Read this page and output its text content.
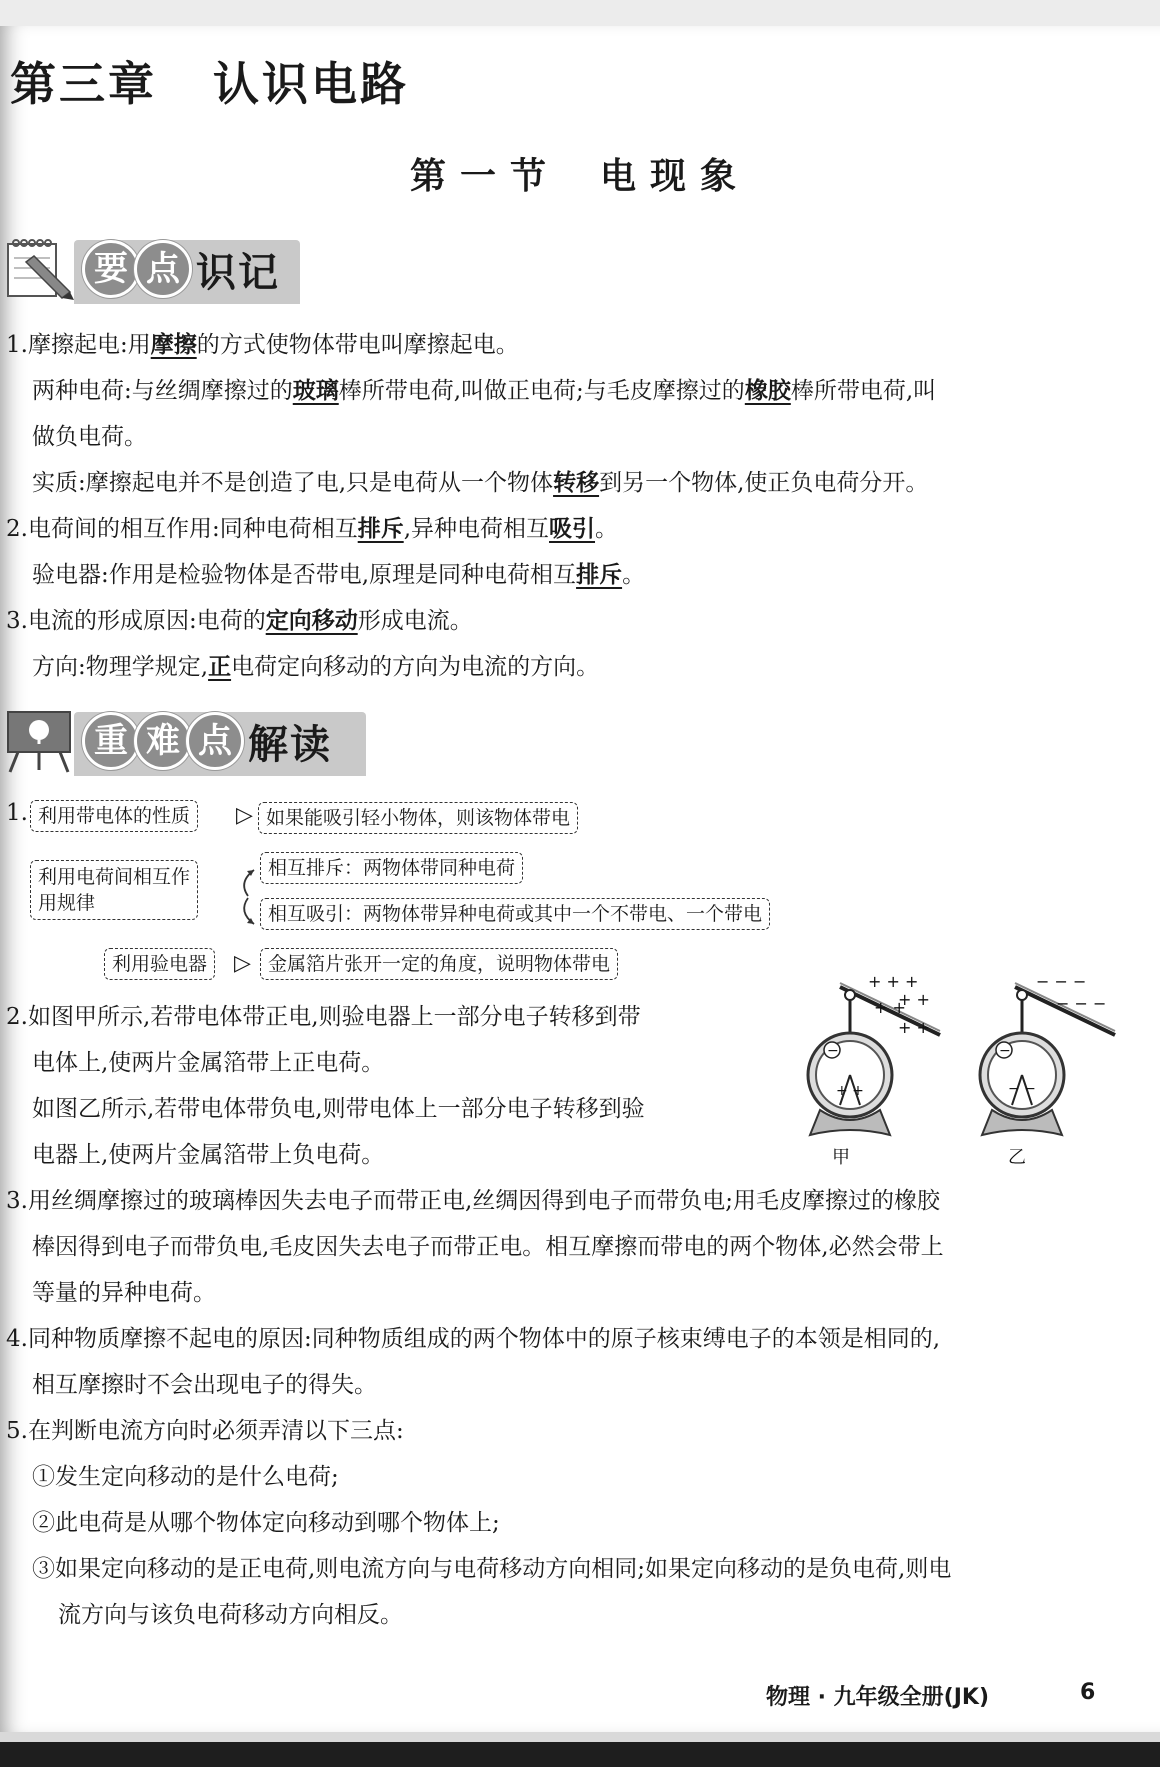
第三章 认识电路
第一节 电现象
要 点 识记
1.摩擦起电:用摩擦的方式使物体带电叫摩擦起电。
两种电荷:与丝绸摩擦过的玻璃棒所带电荷,叫做正电荷;与毛皮摩擦过的橡胶棒所带电荷,叫
做负电荷。
实质:摩擦起电并不是创造了电,只是电荷从一个物体转移到另一个物体,使正负电荷分开。
2.电荷间的相互作用:同种电荷相互排斥,异种电荷相互吸引。
验电器:作用是检验物体是否带电,原理是同种电荷相互排斥。
3.电流的形成原因:电荷的定向移动形成电流。
方向:物理学规定,正电荷定向移动的方向为电流的方向。
重 难 点 解读
1. 利用带电体的性质	▷ 如果能吸引轻小物体，则该物体带电
利用电荷间相互作
用规律
相互排斥：两物体带同种电荷
相互吸引：两物体带异种电荷或其中一个不带电、一个带电
利用验电器	▷ 金属箔片张开一定的角度，说明物体带电
+ + +
+ +
+ +
+ +
+ +
−
甲
− − −
− − −
− −
−
乙
2.如图甲所示,若带电体带正电,则验电器上一部分电子转移到带
电体上,使两片金属箔带上正电荷。
如图乙所示,若带电体带负电,则带电体上一部分电子转移到验
电器上,使两片金属箔带上负电荷。
3.用丝绸摩擦过的玻璃棒因失去电子而带正电,丝绸因得到电子而带负电;用毛皮摩擦过的橡胶
棒因得到电子而带负电,毛皮因失去电子而带正电。相互摩擦而带电的两个物体,必然会带上
等量的异种电荷。
4.同种物质摩擦不起电的原因:同种物质组成的两个物体中的原子核束缚电子的本领是相同的,
相互摩擦时不会出现电子的得失。
5.在判断电流方向时必须弄清以下三点:
①发生定向移动的是什么电荷;
②此电荷是从哪个物体定向移动到哪个物体上;
③如果定向移动的是正电荷,则电流方向与电荷移动方向相同;如果定向移动的是负电荷,则电
流方向与该负电荷移动方向相反。
物理 · 九年级全册(JK)	6
